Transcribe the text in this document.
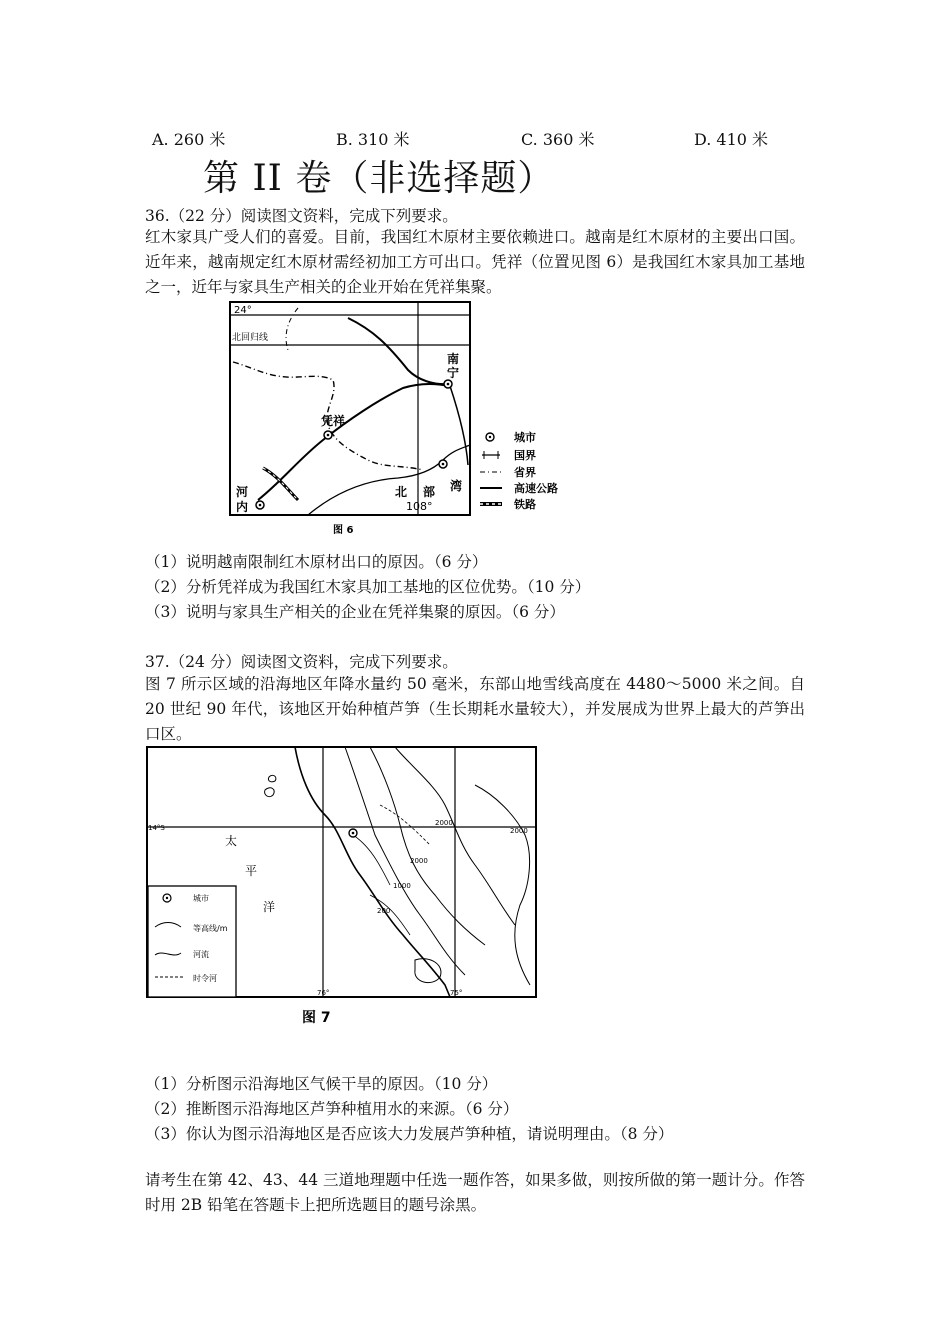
A. 260 米	B. 310 米	C. 360 米	D. 410 米
第 II 卷（非选择题）
36.（22 分）阅读图文资料，完成下列要求。
红木家具广受人们的喜爱。目前，我国红木原材主要依赖进口。越南是红木原材的主要出口国。近年来，越南规定红木原材需经初加工方可出口。凭祥（位置见图 6）是我国红木家具加工基地之一，近年与家具生产相关的企业开始在凭祥集聚。
24°
北回归线
108°
南
宁
凭祥
河
内
北 部 湾
城市
国界
省界
高速公路
铁路
图 6
（1）说明越南限制红木原材出口的原因。（6 分）
（2）分析凭祥成为我国红木家具加工基地的区位优势。（10 分）
（3）说明与家具生产相关的企业在凭祥集聚的原因。（6 分）
37.（24 分）阅读图文资料，完成下列要求。
图 7 所示区域的沿海地区年降水量约 50 毫米，东部山地雪线高度在 4480～5000 米之间。自 20 世纪 90 年代，该地区开始种植芦笋（生长期耗水量较大），并发展成为世界上最大的芦笋出口区。
14°S
76°	75°
2000
2000
1000
200
2000
太
平
洋
城市
等高线/m
河流
时令河
图 7
（1）分析图示沿海地区气候干旱的原因。（10 分）
（2）推断图示沿海地区芦笋种植用水的来源。（6 分）
（3）你认为图示沿海地区是否应该大力发展芦笋种植，请说明理由。（8 分）
请考生在第 42、43、44 三道地理题中任选一题作答，如果多做，则按所做的第一题计分。作答时用 2B 铅笔在答题卡上把所选题目的题号涂黑。
